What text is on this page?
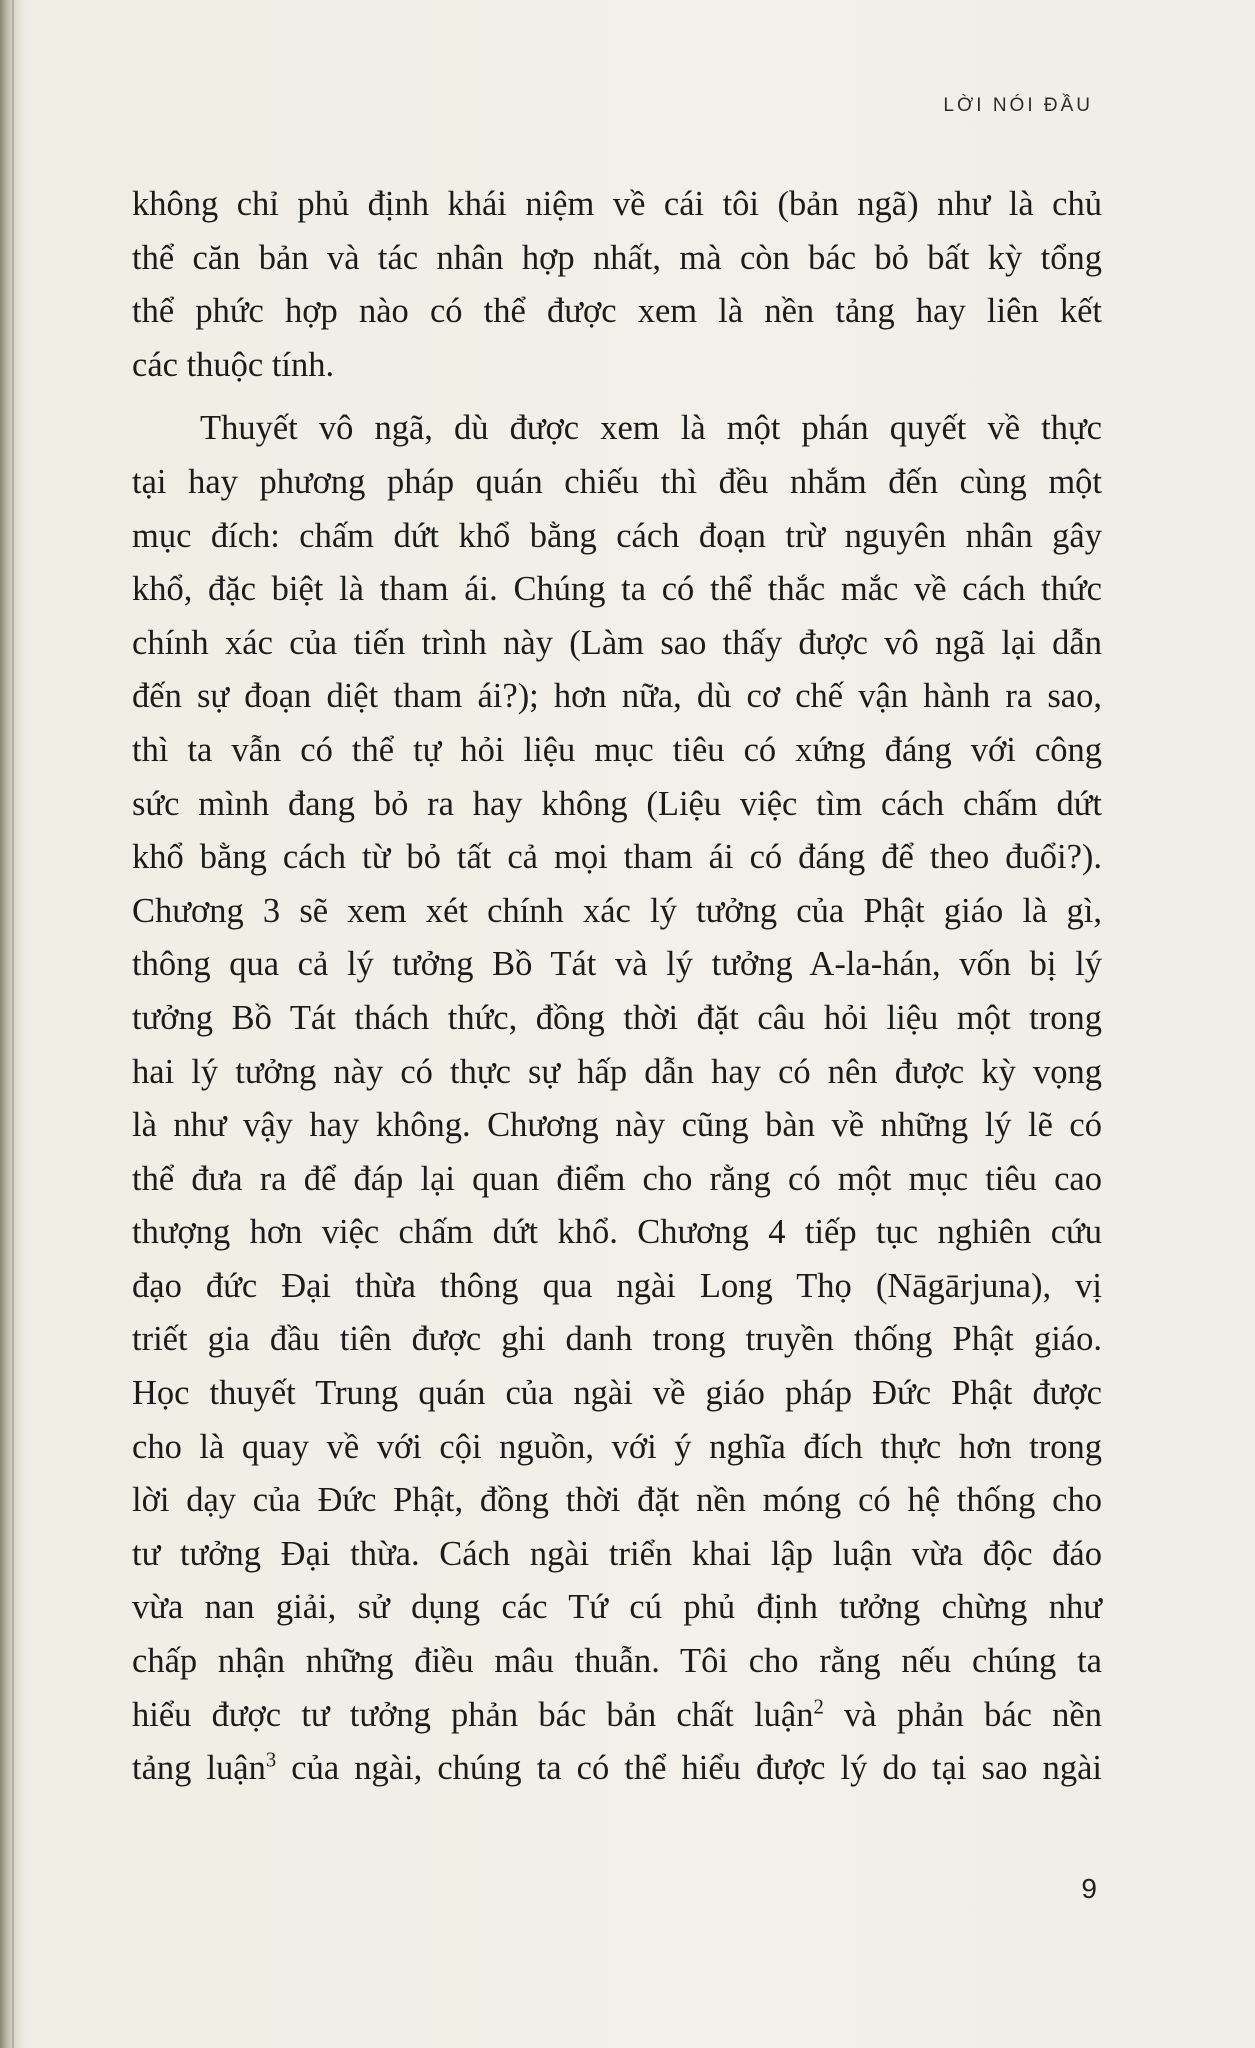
LỜI NÓI ĐẦU
không chỉ phủ định khái niệm về cái tôi (bản ngã) như là chủ
thể căn bản và tác nhân hợp nhất, mà còn bác bỏ bất kỳ tổng
thể phức hợp nào có thể được xem là nền tảng hay liên kết
các thuộc tính.
Thuyết vô ngã, dù được xem là một phán quyết về thực
tại hay phương pháp quán chiếu thì đều nhắm đến cùng một
mục đích: chấm dứt khổ bằng cách đoạn trừ nguyên nhân gây
khổ, đặc biệt là tham ái. Chúng ta có thể thắc mắc về cách thức
chính xác của tiến trình này (Làm sao thấy được vô ngã lại dẫn
đến sự đoạn diệt tham ái?); hơn nữa, dù cơ chế vận hành ra sao,
thì ta vẫn có thể tự hỏi liệu mục tiêu có xứng đáng với công
sức mình đang bỏ ra hay không (Liệu việc tìm cách chấm dứt
khổ bằng cách từ bỏ tất cả mọi tham ái có đáng để theo đuổi?).
Chương 3 sẽ xem xét chính xác lý tưởng của Phật giáo là gì,
thông qua cả lý tưởng Bồ Tát và lý tưởng A-la-hán, vốn bị lý
tưởng Bồ Tát thách thức, đồng thời đặt câu hỏi liệu một trong
hai lý tưởng này có thực sự hấp dẫn hay có nên được kỳ vọng
là như vậy hay không. Chương này cũng bàn về những lý lẽ có
thể đưa ra để đáp lại quan điểm cho rằng có một mục tiêu cao
thượng hơn việc chấm dứt khổ. Chương 4 tiếp tục nghiên cứu
đạo đức Đại thừa thông qua ngài Long Thọ (Nāgārjuna), vị
triết gia đầu tiên được ghi danh trong truyền thống Phật giáo.
Học thuyết Trung quán của ngài về giáo pháp Đức Phật được
cho là quay về với cội nguồn, với ý nghĩa đích thực hơn trong
lời dạy của Đức Phật, đồng thời đặt nền móng có hệ thống cho
tư tưởng Đại thừa. Cách ngài triển khai lập luận vừa độc đáo
vừa nan giải, sử dụng các Tứ cú phủ định tưởng chừng như
chấp nhận những điều mâu thuẫn. Tôi cho rằng nếu chúng ta
hiểu được tư tưởng phản bác bản chất luận$^2$ và phản bác nền
tảng luận$^3$ của ngài, chúng ta có thể hiểu được lý do tại sao ngài
9
